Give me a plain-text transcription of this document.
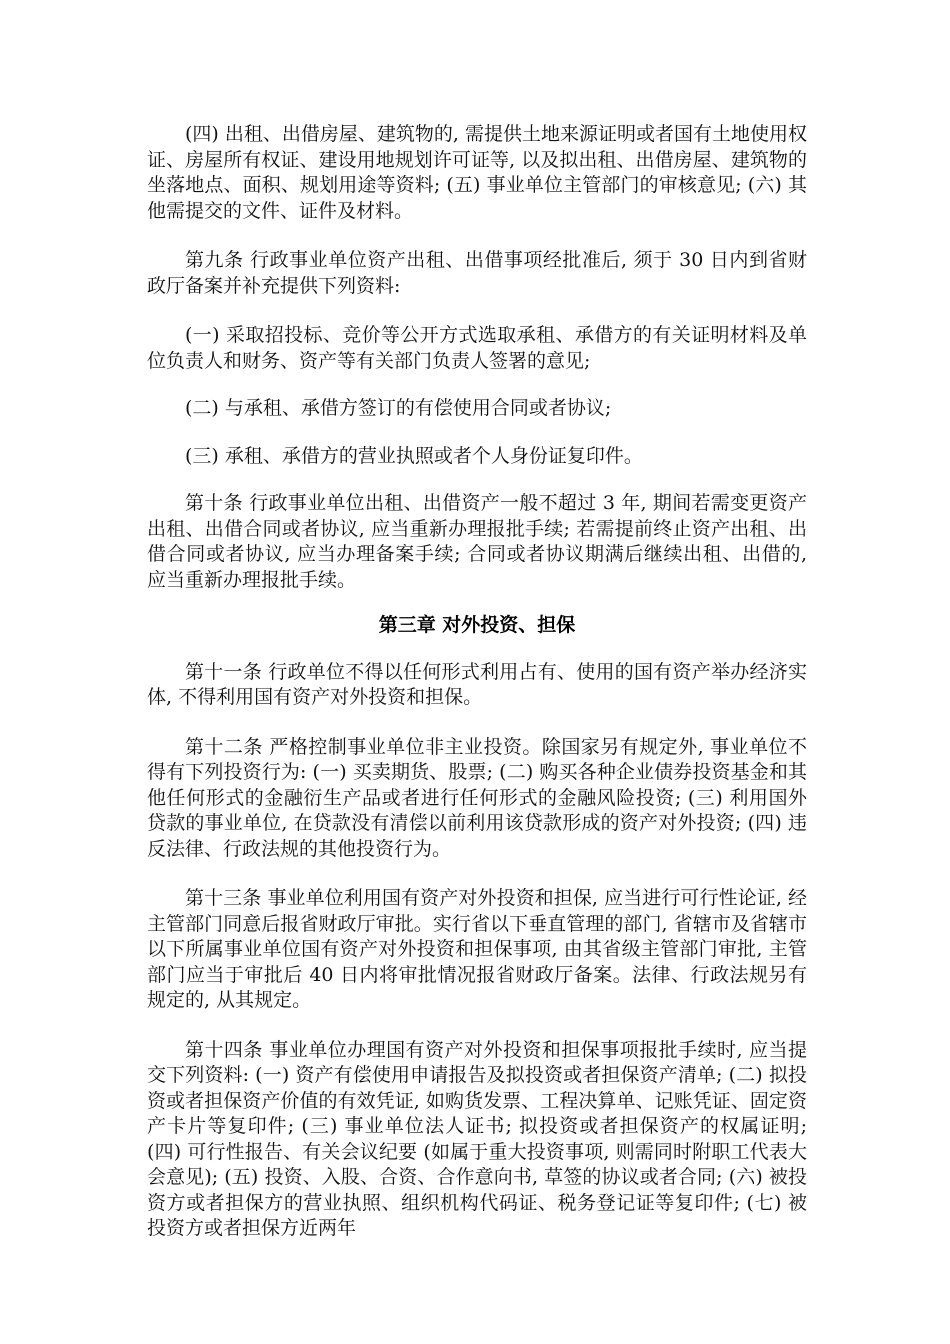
(四) 出租、出借房屋、建筑物的, 需提供土地来源证明或者国有土地使用权证、房屋所有权证、建设用地规划许可证等, 以及拟出租、出借房屋、建筑物的坐落地点、面积、规划用途等资料; (五) 事业单位主管部门的审核意见; (六) 其他需提交的文件、证件及材料。

第九条 行政事业单位资产出租、出借事项经批准后, 须于 30 日内到省财政厅备案并补充提供下列资料:

(一) 采取招投标、竞价等公开方式选取承租、承借方的有关证明材料及单位负责人和财务、资产等有关部门负责人签署的意见;

(二) 与承租、承借方签订的有偿使用合同或者协议;

(三) 承租、承借方的营业执照或者个人身份证复印件。

第十条 行政事业单位出租、出借资产一般不超过 3 年, 期间若需变更资产出租、出借合同或者协议, 应当重新办理报批手续; 若需提前终止资产出租、出借合同或者协议, 应当办理备案手续; 合同或者协议期满后继续出租、出借的, 应当重新办理报批手续。

第三章 对外投资、担保

第十一条 行政单位不得以任何形式利用占有、使用的国有资产举办经济实体, 不得利用国有资产对外投资和担保。

第十二条 严格控制事业单位非主业投资。除国家另有规定外, 事业单位不得有下列投资行为: (一) 买卖期货、股票; (二) 购买各种企业债券投资基金和其他任何形式的金融衍生产品或者进行任何形式的金融风险投资; (三) 利用国外贷款的事业单位, 在贷款没有清偿以前利用该贷款形成的资产对外投资; (四) 违反法律、行政法规的其他投资行为。

第十三条 事业单位利用国有资产对外投资和担保, 应当进行可行性论证, 经主管部门同意后报省财政厅审批。实行省以下垂直管理的部门, 省辖市及省辖市以下所属事业单位国有资产对外投资和担保事项, 由其省级主管部门审批, 主管部门应当于审批后 40 日内将审批情况报省财政厅备案。法律、行政法规另有规定的, 从其规定。

第十四条 事业单位办理国有资产对外投资和担保事项报批手续时, 应当提交下列资料: (一) 资产有偿使用申请报告及拟投资或者担保资产清单; (二) 拟投资或者担保资产价值的有效凭证, 如购货发票、工程决算单、记账凭证、固定资产卡片等复印件; (三) 事业单位法人证书; 拟投资或者担保资产的权属证明; (四) 可行性报告、有关会议纪要 (如属于重大投资事项, 则需同时附职工代表大会意见); (五) 投资、入股、合资、合作意向书, 草签的协议或者合同; (六) 被投资方或者担保方的营业执照、组织机构代码证、税务登记证等复印件; (七) 被投资方或者担保方近两年
